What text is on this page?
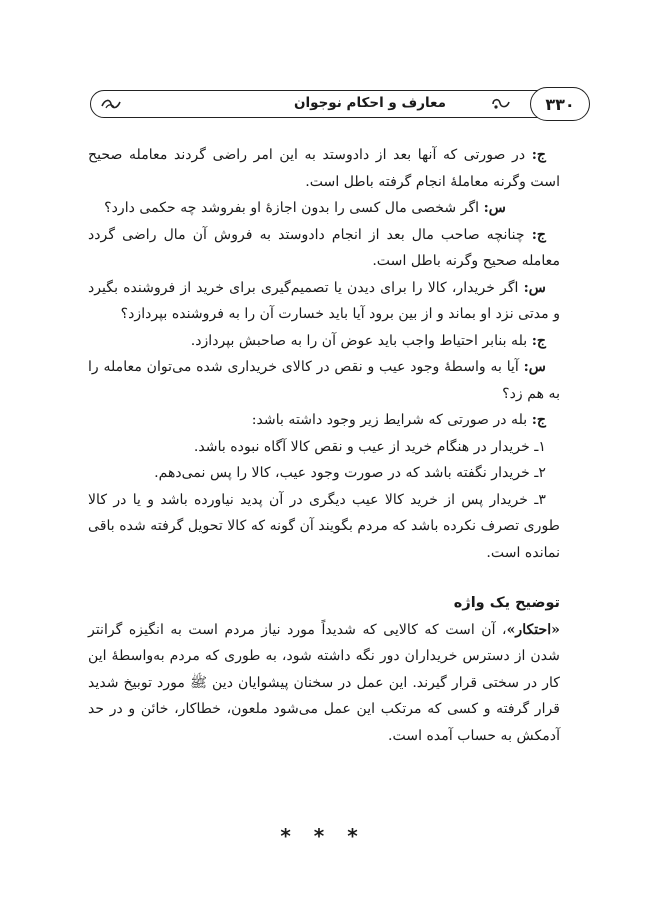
معارف و احکام نوجوان	۳۳۰

ج: در صورتی که آنها بعد از دادوستد به این امر راضی گردند معامله صحیح است وگرنه معاملهٔ انجام گرفته باطل است.

س: اگر شخصی مال کسی را بدون اجازهٔ او بفروشد چه حکمی دارد؟

ج: چنانچه صاحب مال بعد از انجام دادوستد به فروش آن مال راضی گردد معامله صحیح وگرنه باطل است.

س: اگر خریدار، کالا را برای دیدن یا تصمیم‌گیری برای خرید از فروشنده بگیرد و مدتی نزد او بماند و از بین برود آیا باید خسارت آن را به فروشنده بپردازد؟

ج: بله بنابر احتیاط واجب باید عوض آن را به صاحبش بپردازد.

س: آیا به واسطهٔ وجود عیب و نقص در کالای خریداری شده می‌توان معامله را به هم زد؟

ج: بله در صورتی که شرایط زیر وجود داشته باشد:

۱ـ خریدار در هنگام خرید از عیب و نقص کالا آگاه نبوده باشد.

۲ـ خریدار نگفته باشد که در صورت وجود عیب، کالا را پس نمی‌دهم.

۳ـ خریدار پس از خرید کالا عیب دیگری در آن پدید نیاورده باشد و یا در کالا طوری تصرف نکرده باشد که مردم بگویند آن گونه که کالا تحویل گرفته شده باقی نمانده است.

توضیح یک واژه

«احتکار»، آن است که کالایی که شدیداً مورد نیاز مردم است به انگیزه گرانتر شدن از دسترس خریداران دور نگه داشته شود، به طوری که مردم به‌واسطهٔ این کار در سختی قرار گیرند. این عمل در سخنان پیشوایان دین ﷺ مورد توبیخ شدید قرار گرفته و کسی که مرتکب این عمل می‌شود ملعون، خطاکار، خائن و در حد آدمکش به حساب آمده است.

* * *
